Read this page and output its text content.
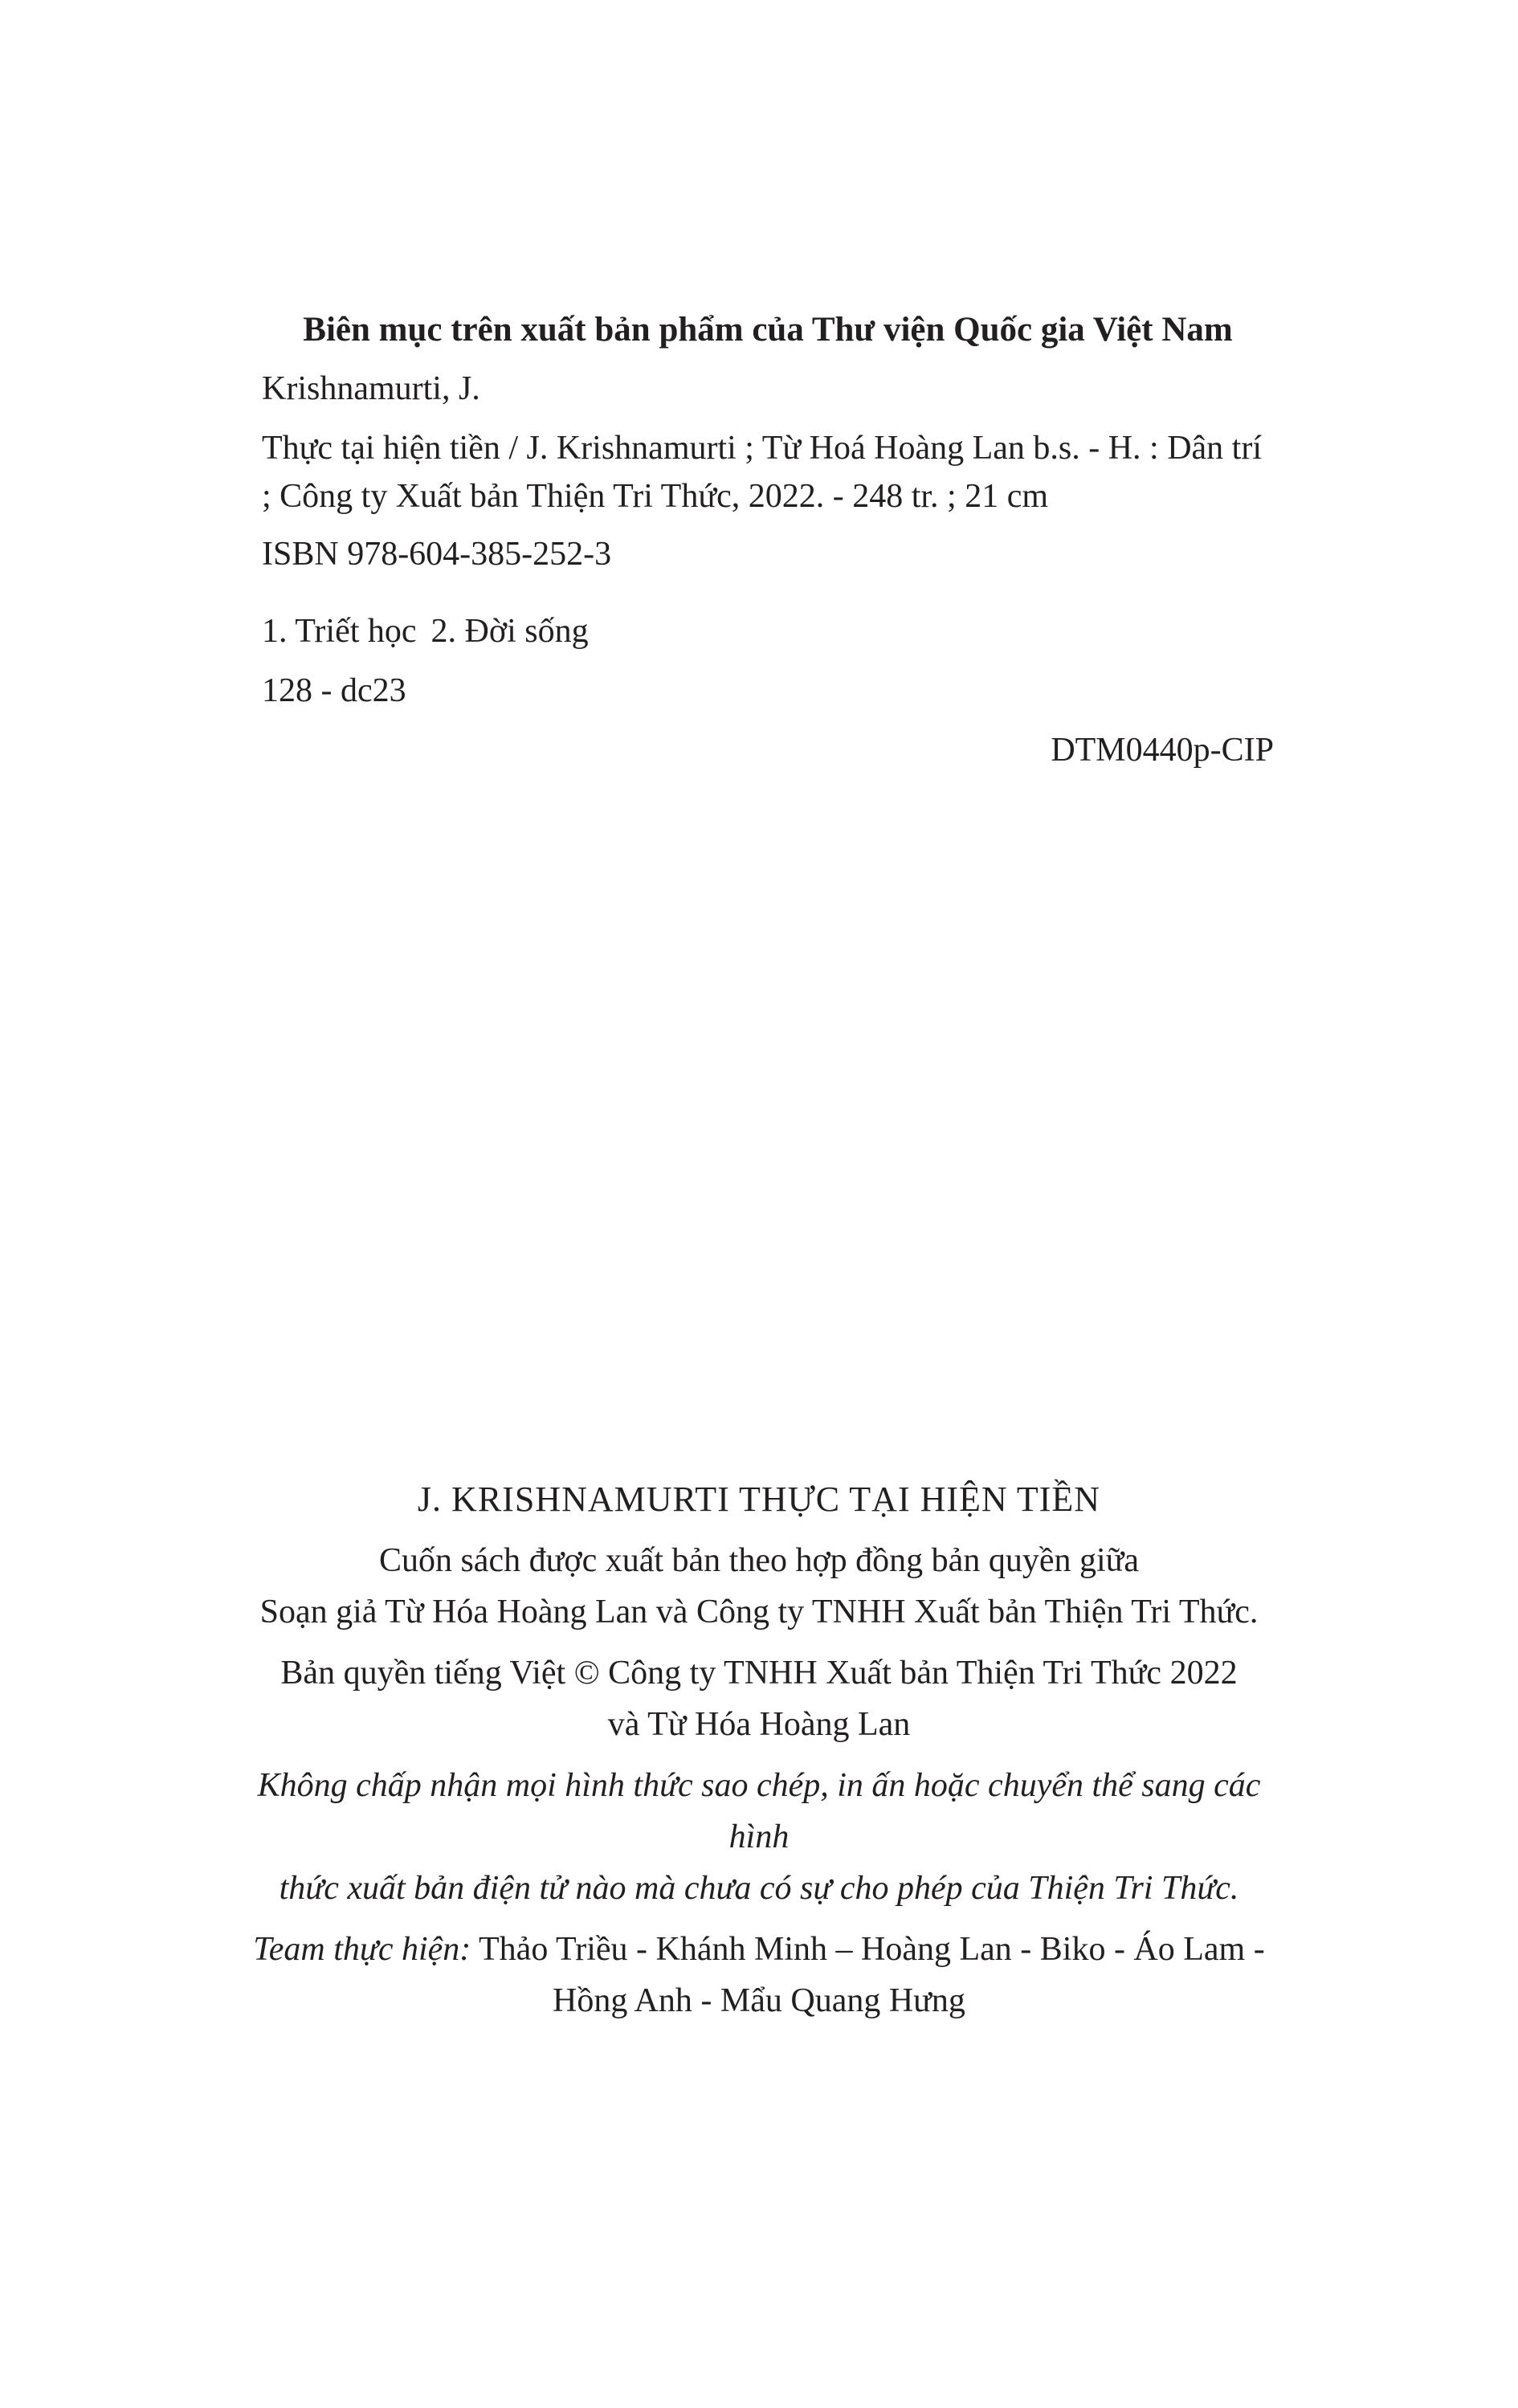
Biên mục trên xuất bản phẩm của Thư viện Quốc gia Việt Nam

Krishnamurti, J.

Thực tại hiện tiền / J. Krishnamurti ; Từ Hoá Hoàng Lan b.s. - H. : Dân trí

; Công ty Xuất bản Thiện Tri Thức, 2022. - 248 tr. ; 21 cm

ISBN 978-604-385-252-3

1. Triết học 2. Đời sống

128 - dc23

DTM0440p-CIP

J. KRISHNAMURTI THỰC TẠI HIỆN TIỀN

Cuốn sách được xuất bản theo hợp đồng bản quyền giữa

Soạn giả Từ Hóa Hoàng Lan và Công ty TNHH Xuất bản Thiện Tri Thức.

Bản quyền tiếng Việt © Công ty TNHH Xuất bản Thiện Tri Thức 2022

và Từ Hóa Hoàng Lan

Không chấp nhận mọi hình thức sao chép, in ấn hoặc chuyển thể sang các hình

thức xuất bản điện tử nào mà chưa có sự cho phép của Thiện Tri Thức.

Team thực hiện: Thảo Triều - Khánh Minh – Hoàng Lan - Biko - Áo Lam -

Hồng Anh - Mẩu Quang Hưng
